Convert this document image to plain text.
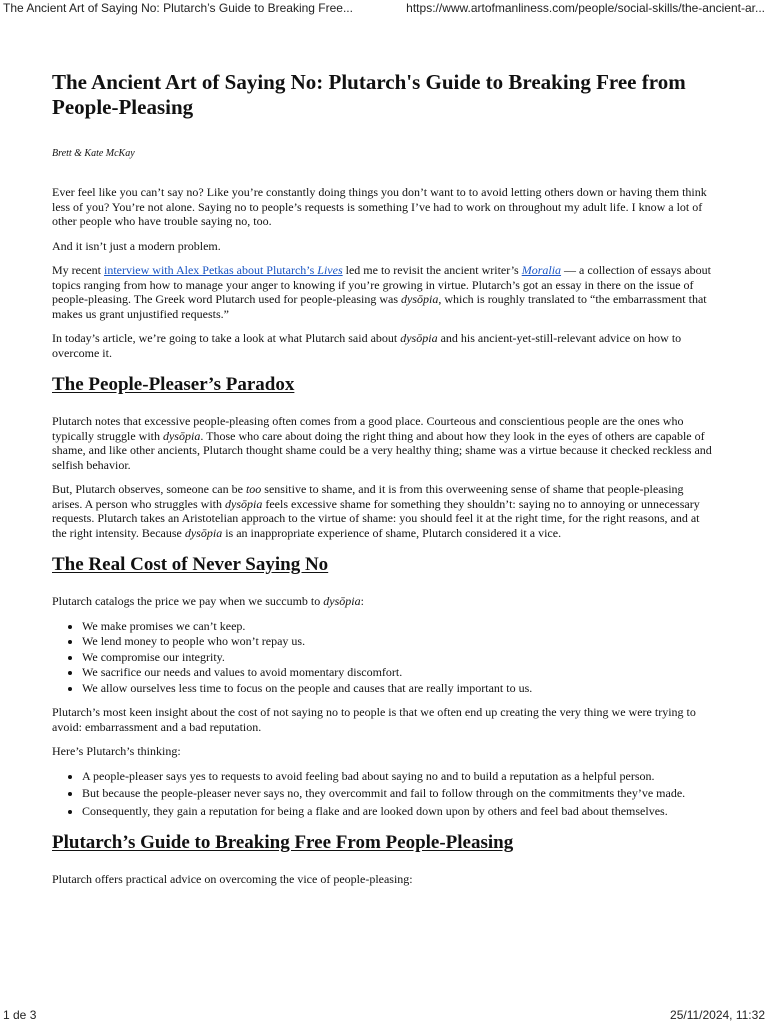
The Ancient Art of Saying No: Plutarch’s Guide to Breaking Free...	https://www.artofmanliness.com/people/social-skills/the-ancient-ar...
The Ancient Art of Saying No: Plutarch's Guide to Breaking Free from People-Pleasing
Brett & Kate McKay

Ever feel like you can’t say no? Like you’re constantly doing things you don’t want to to avoid letting others down or having them think less of you? You’re not alone. Saying no to people’s requests is something I’ve had to work on throughout my adult life. I know a lot of other people who have trouble saying no, too.

And it isn’t just a modern problem.

My recent interview with Alex Petkas about Plutarch’s Lives led me to revisit the ancient writer’s Moralia — a collection of essays about topics ranging from how to manage your anger to knowing if you’re growing in virtue. Plutarch’s got an essay in there on the issue of people-pleasing. The Greek word Plutarch used for people-pleasing was dysōpia, which is roughly translated to “the embarrassment that makes us grant unjustified requests.”

In today’s article, we’re going to take a look at what Plutarch said about dysōpia and his ancient-yet-still-relevant advice on how to overcome it.

The People-Pleaser’s Paradox

Plutarch notes that excessive people-pleasing often comes from a good place. Courteous and conscientious people are the ones who typically struggle with dysōpia. Those who care about doing the right thing and about how they look in the eyes of others are capable of shame, and like other ancients, Plutarch thought shame could be a very healthy thing; shame was a virtue because it checked reckless and selfish behavior.

But, Plutarch observes, someone can be too sensitive to shame, and it is from this overweening sense of shame that people-pleasing arises. A person who struggles with dysōpia feels excessive shame for something they shouldn’t: saying no to annoying or unnecessary requests. Plutarch takes an Aristotelian approach to the virtue of shame: you should feel it at the right time, for the right reasons, and at the right intensity. Because dysōpia is an inappropriate experience of shame, Plutarch considered it a vice.

The Real Cost of Never Saying No

Plutarch catalogs the price we pay when we succumb to dysōpia:

• We make promises we can’t keep.
• We lend money to people who won’t repay us.
• We compromise our integrity.
• We sacrifice our needs and values to avoid momentary discomfort.
• We allow ourselves less time to focus on the people and causes that are really important to us.

Plutarch’s most keen insight about the cost of not saying no to people is that we often end up creating the very thing we were trying to avoid: embarrassment and a bad reputation.

Here’s Plutarch’s thinking:

• A people-pleaser says yes to requests to avoid feeling bad about saying no and to build a reputation as a helpful person.
• But because the people-pleaser never says no, they overcommit and fail to follow through on the commitments they’ve made.
• Consequently, they gain a reputation for being a flake and are looked down upon by others and feel bad about themselves.
Plutarch’s Guide to Breaking Free From People-Pleasing

Plutarch offers practical advice on overcoming the vice of people-pleasing:

1 de 3	25/11/2024, 11:32
